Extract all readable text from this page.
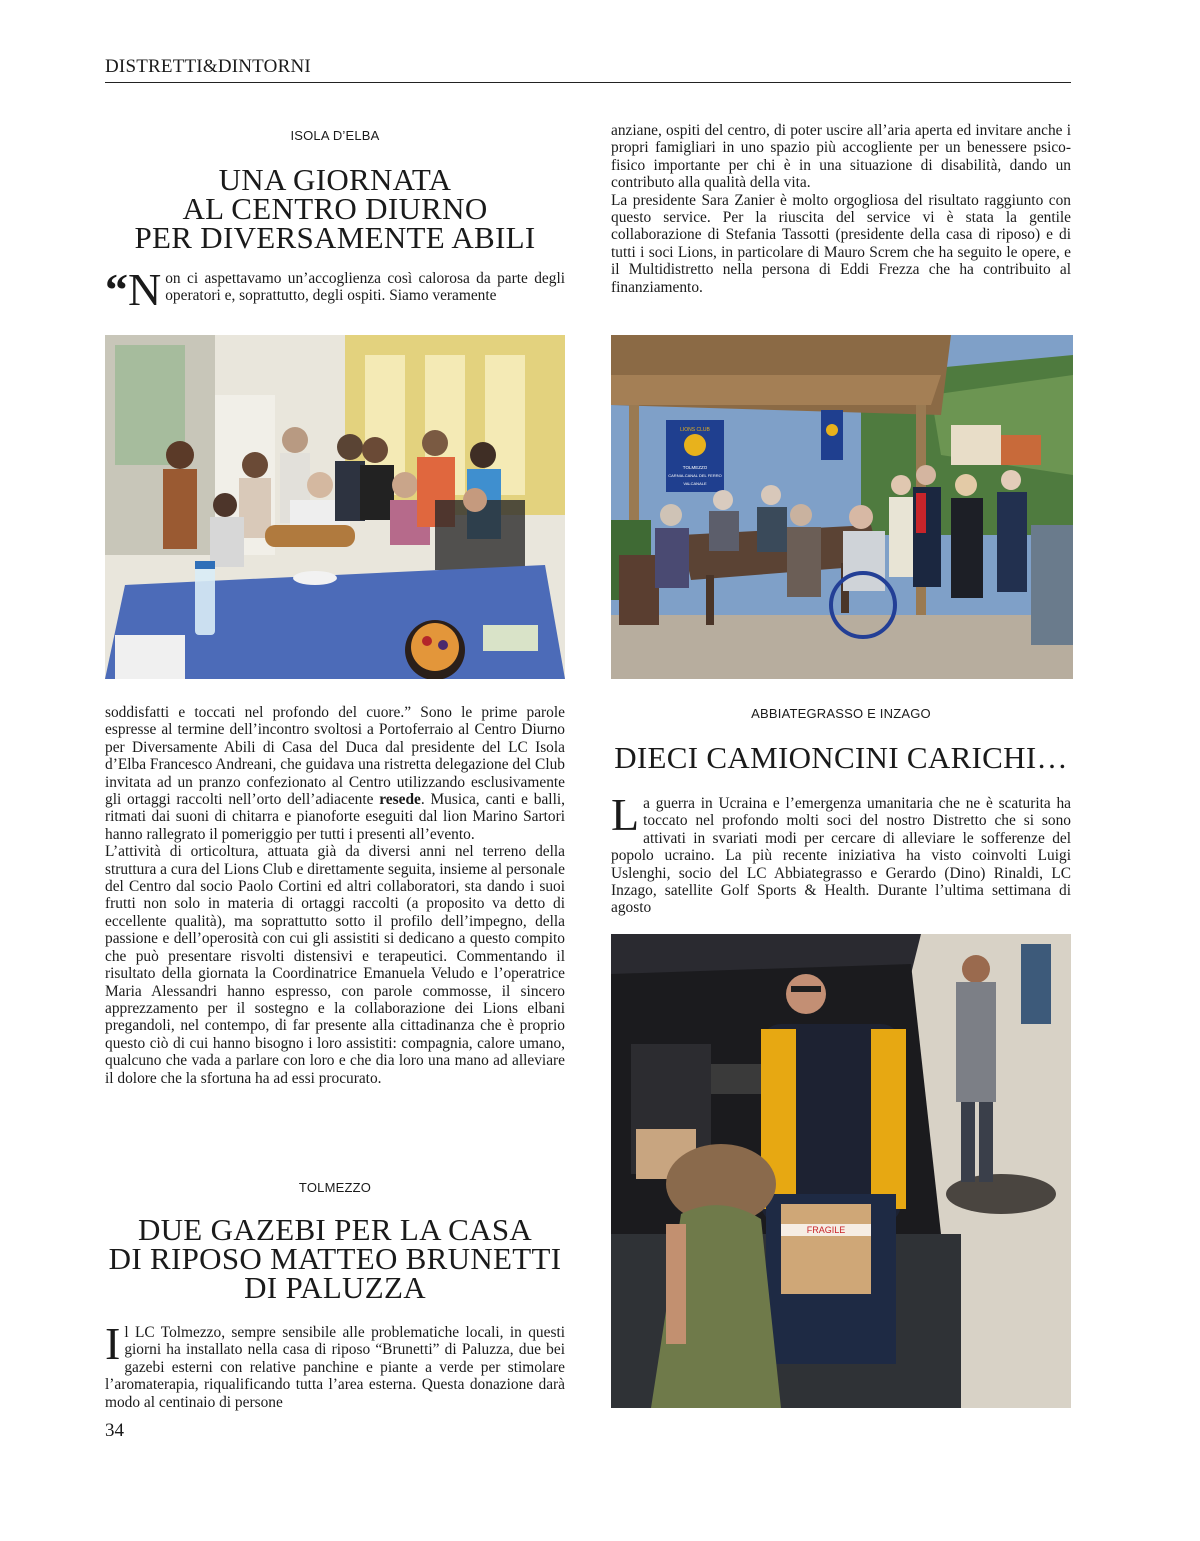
DISTRETTI&DINTORNI
ISOLA D’ELBA
UNA GIORNATA
AL CENTRO DIURNO
PER DIVERSAMENTE ABILI

“ N on ci aspettavamo un’accoglienza così calorosa da parte degli operatori e, soprattutto, degli ospiti. Siamo veramente

soddisfatti e toccati nel profondo del cuore.” Sono le prime parole espresse al termine dell’incontro svoltosi a Portoferraio al Centro Diurno per Diversamente Abili di Casa del Duca dal presidente del LC Isola d’Elba Francesco Andreani, che guidava una ristretta delegazione del Club invitata ad un pranzo confezionato al Centro utilizzando esclusivamente gli ortaggi raccolti nell’orto dell’adiacente resede. Musica, canti e balli, ritmati dai suoni di chitarra e pianoforte eseguiti dal lion Marino Sartori hanno rallegrato il pomeriggio per tutti i presenti all’evento.

L’attività di orticoltura, attuata già da diversi anni nel terreno della struttura a cura del Lions Club e direttamente seguita, insieme al personale del Centro dal socio Paolo Cortini ed altri collaboratori, sta dando i suoi frutti non solo in materia di ortaggi raccolti (a proposito va detto di eccellente qualità), ma soprattutto sotto il profilo dell’impegno, della passione e dell’operosità con cui gli assistiti si dedicano a questo compito che può presentare risvolti distensivi e terapeutici. Commentando il risultato della giornata la Coordinatrice Emanuela Veludo e l’operatrice Maria Alessandri hanno espresso, con parole commosse, il sincero apprezzamento per il sostegno e la collaborazione dei Lions elbani pregandoli, nel contempo, di far presente alla cittadinanza che è proprio questo ciò di cui hanno bisogno i loro assistiti: compagnia, calore umano, qualcuno che vada a parlare con loro e che dia loro una mano ad alleviare il dolore che la sfortuna ha ad essi procurato.

TOLMEZZO
DUE GAZEBI PER LA CASA
DI RIPOSO MATTEO BRUNETTI
DI PALUZZA

Il LC Tolmezzo, sempre sensibile alle problematiche locali, in questi giorni ha installato nella casa di riposo “Brunetti” di Paluzza, due bei gazebi esterni con relative panchine e piante a verde per stimolare l’aromaterapia, riqualificando tutta l’area esterna. Questa donazione darà modo al centinaio di persone

anziane, ospiti del centro, di poter uscire all’aria aperta ed invitare anche i propri famigliari in uno spazio più accogliente per un benessere psico-fisico importante per chi è in una situazione di disabilità, dando un contributo alla qualità della vita.

La presidente Sara Zanier è molto orgogliosa del risultato raggiunto con questo service. Per la riuscita del service vi è stata la gentile collaborazione di Stefania Tassotti (presidente della casa di riposo) e di tutti i soci Lions, in particolare di Mauro Screm che ha seguito le opere, e il Multidistretto nella persona di Eddi Frezza che ha contribuito al finanziamento.

LIONS CLUB
TOLMEZZO
CARNIA-CANAL DEL FERRO
VALCANALE
ABBIATEGRASSO E INZAGO
DIECI CAMIONCINI CARICHI…

La guerra in Ucraina e l’emergenza umanitaria che ne è scaturita ha toccato nel profondo molti soci del nostro Distretto che si sono attivati in svariati modi per cercare di alleviare le sofferenze del popolo ucraino. La più recente iniziativa ha visto coinvolti Luigi Uslenghi, socio del LC Abbiategrasso e Gerardo (Dino) Rinaldi, LC Inzago, satellite Golf Sports & Health. Durante l’ultima settimana di agosto

FRAGILE
34
